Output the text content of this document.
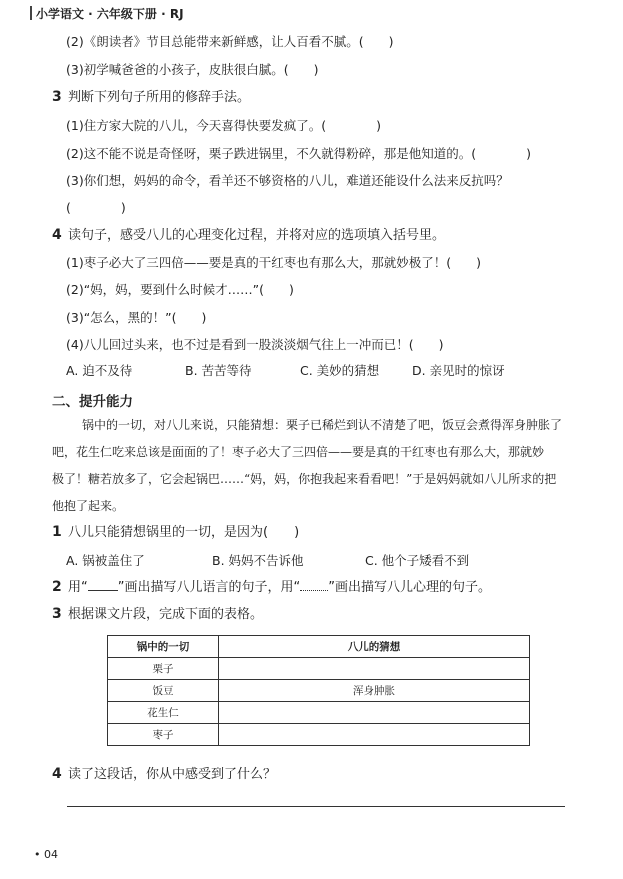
小学语文 · 六年级下册 · RJ
(2)《朗读者》节目总能带来新鲜感，让人百看不腻。(　　)
(3)初学喊爸爸的小孩子，皮肤很白腻。(　　)
3 判断下列句子所用的修辞手法。
(1)住方家大院的八儿，今天喜得快要发疯了。(　　　　)
(2)这不能不说是奇怪呀，栗子跌进锅里，不久就得粉碎，那是他知道的。(　　　　)
(3)你们想，妈妈的命令，看羊还不够资格的八儿，难道还能设什么法来反抗吗？
(　　　　)
4 读句子，感受八儿的心理变化过程，并将对应的选项填入括号里。
(1)枣子必大了三四倍——要是真的干红枣也有那么大，那就妙极了！(　　)
(2)“妈，妈，要到什么时候才……”(　　)
(3)“怎么，黑的！”(　　)
(4)八儿回过头来，也不过是看到一股淡淡烟气往上一冲而已！(　　)
A. 迫不及待	B. 苦苦等待	C. 美妙的猜想	D. 亲见时的惊讶
二、提升能力
锅中的一切，对八儿来说，只能猜想：栗子已稀烂到认不清楚了吧，饭豆会煮得浑身肿胀了
吧，花生仁吃来总该是面面的了！枣子必大了三四倍——要是真的干红枣也有那么大，那就妙
极了！糖若放多了，它会起锅巴……“妈，妈，你抱我起来看看吧！”于是妈妈就如八儿所求的把
他抱了起来。
1 八儿只能猜想锅里的一切，是因为(　　)
A. 锅被盖住了	B. 妈妈不告诉他	C. 他个子矮看不到
2 用“ ”画出描写八儿语言的句子，用“ ”画出描写八儿心理的句子。
3 根据课文片段，完成下面的表格。
锅中的一切	八儿的猜想
栗子	
饭豆	浑身肿胀
花生仁	
枣子	
4 读了这段话，你从中感受到了什么？
• 04
